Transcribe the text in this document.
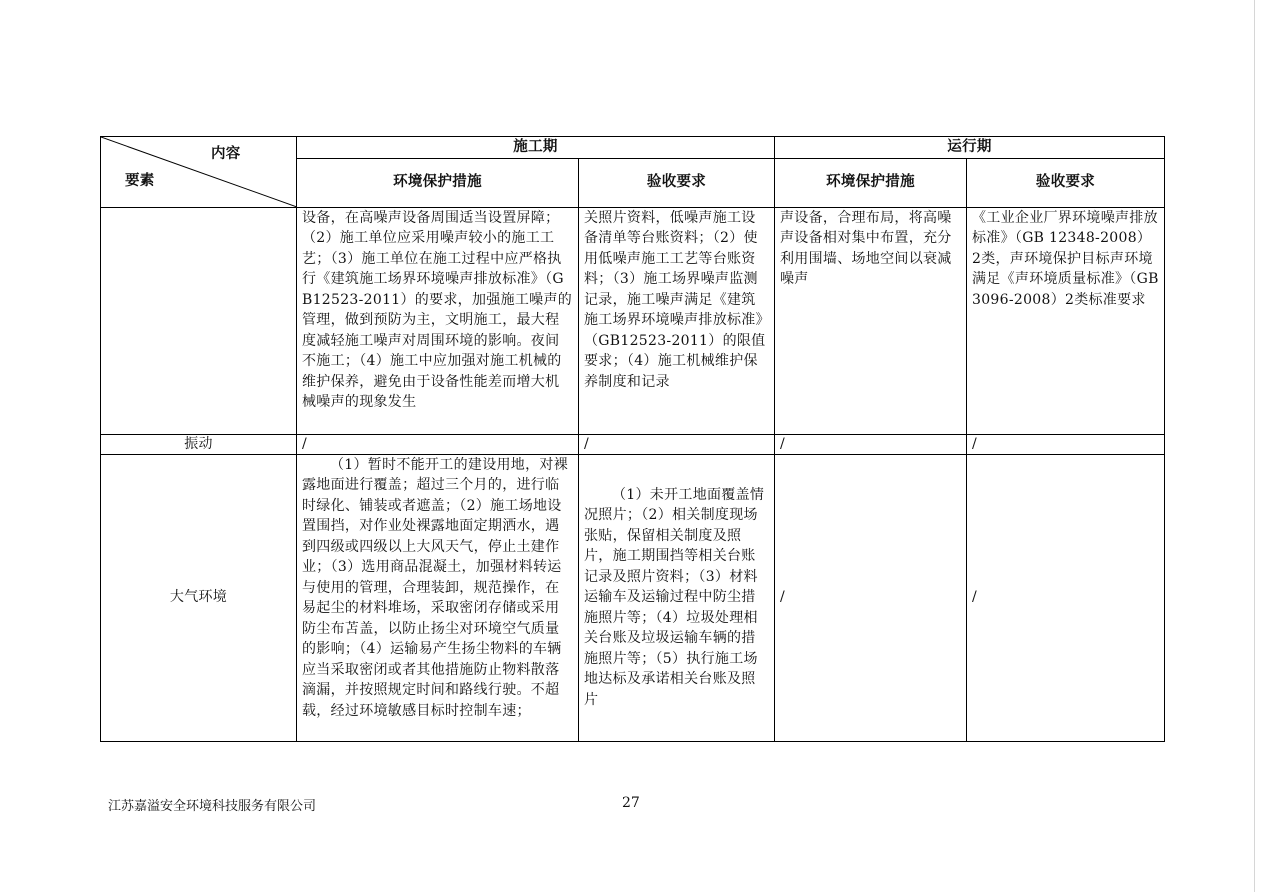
内容
要素	施工期		运行期	
	环境保护措施	验收要求	环境保护措施	验收要求
	设备，在高噪声设备周围适当设置屏障；（2）施工单位应采用噪声较小的施工工艺；（3）施工单位在施工过程中应严格执行《建筑施工场界环境噪声排放标准》（GB12523-2011）的要求，加强施工噪声的管理，做到预防为主，文明施工，最大程度减轻施工噪声对周围环境的影响。夜间不施工；（4）施工中应加强对施工机械的维护保养，避免由于设备性能差而增大机械噪声的现象发生	关照片资料，低噪声施工设备清单等台账资料；（2）使用低噪声施工工艺等台账资料；（3）施工场界噪声监测记录，施工噪声满足《建筑施工场界环境噪声排放标准》（GB12523-2011）的限值要求；（4）施工机械维护保养制度和记录	声设备，合理布局，将高噪声设备相对集中布置，充分利用围墙、场地空间以衰减噪声	《工业企业厂界环境噪声排放标准》（GB 12348-2008）2类，声环境保护目标声环境满足《声环境质量标准》（GB3096-2008）2类标准要求
振动	/	/	/	/
大气环境	（1）暂时不能开工的建设用地，对裸露地面进行覆盖；超过三个月的，进行临时绿化、铺装或者遮盖；（2）施工场地设置围挡，对作业处裸露地面定期洒水，遇到四级或四级以上大风天气，停止土建作业；（3）选用商品混凝土，加强材料转运与使用的管理，合理装卸，规范操作，在易起尘的材料堆场，采取密闭存储或采用防尘布苫盖，以防止扬尘对环境空气质量的影响；（4）运输易产生扬尘物料的车辆应当采取密闭或者其他措施防止物料散落滴漏，并按照规定时间和路线行驶。不超载，经过环境敏感目标时控制车速；	（1）未开工地面覆盖情况照片；（2）相关制度现场张贴，保留相关制度及照片，施工期围挡等相关台账记录及照片资料；（3）材料运输车及运输过程中防尘措施照片等；（4）垃圾处理相关台账及垃圾运输车辆的措施照片等；（5）执行施工场地达标及承诺相关台账及照片	/	/
江苏嘉溢安全环境科技服务有限公司	27
